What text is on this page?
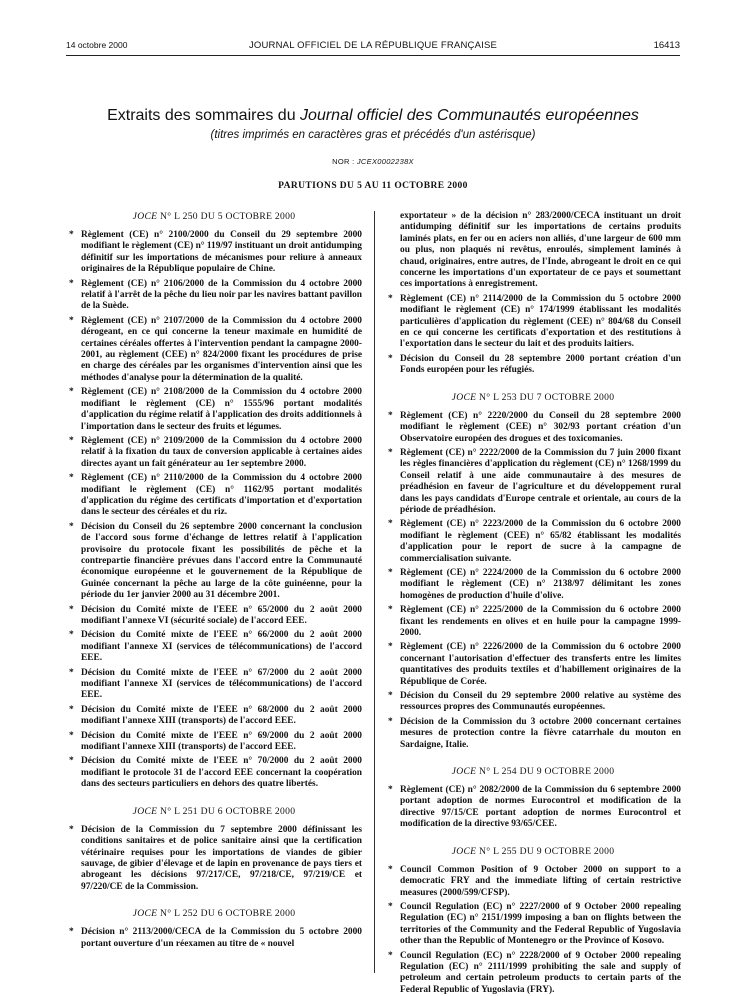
14 octobre 2000	JOURNAL OFFICIEL DE LA RÉPUBLIQUE FRANÇAISE	16413
Extraits des sommaires du Journal officiel des Communautés européennes
(titres imprimés en caractères gras et précédés d'un astérisque)
NOR : JCEX0002238X
PARUTIONS DU 5 AU 11 OCTOBRE 2000
JOCE N° L 250 DU 5 OCTOBRE 2000
* Règlement (CE) n° 2100/2000 du Conseil du 29 septembre 2000 modifiant le règlement (CE) n° 119/97 instituant un droit antidumping définitif sur les importations de mécanismes pour reliure à anneaux originaires de la République populaire de Chine.
* Règlement (CE) n° 2106/2000 de la Commission du 4 octobre 2000 relatif à l'arrêt de la pêche du lieu noir par les navires battant pavillon de la Suède.
* Règlement (CE) n° 2107/2000 de la Commission du 4 octobre 2000 dérogeant, en ce qui concerne la teneur maximale en humidité de certaines céréales offertes à l'intervention pendant la campagne 2000-2001, au règlement (CEE) n° 824/2000 fixant les procédures de prise en charge des céréales par les organismes d'intervention ainsi que les méthodes d'analyse pour la détermination de la qualité.
* Règlement (CE) n° 2108/2000 de la Commission du 4 octobre 2000 modifiant le règlement (CE) n° 1555/96 portant modalités d'application du régime relatif à l'application des droits additionnels à l'importation dans le secteur des fruits et légumes.
* Règlement (CE) n° 2109/2000 de la Commission du 4 octobre 2000 relatif à la fixation du taux de conversion applicable à certaines aides directes ayant un fait générateur au 1er septembre 2000.
* Règlement (CE) n° 2110/2000 de la Commission du 4 octobre 2000 modifiant le règlement (CE) n° 1162/95 portant modalités d'application du régime des certificats d'importation et d'exportation dans le secteur des céréales et du riz.
* Décision du Conseil du 26 septembre 2000 concernant la conclusion de l'accord sous forme d'échange de lettres relatif à l'application provisoire du protocole fixant les possibilités de pêche et la contrepartie financière prévues dans l'accord entre la Communauté économique européenne et le gouvernement de la République de Guinée concernant la pêche au large de la côte guinéenne, pour la période du 1er janvier 2000 au 31 décembre 2001.
* Décision du Comité mixte de l'EEE n° 65/2000 du 2 août 2000 modifiant l'annexe VI (sécurité sociale) de l'accord EEE.
* Décision du Comité mixte de l'EEE n° 66/2000 du 2 août 2000 modifiant l'annexe XI (services de télécommunications) de l'accord EEE.
* Décision du Comité mixte de l'EEE n° 67/2000 du 2 août 2000 modifiant l'annexe XI (services de télécommunications) de l'accord EEE.
* Décision du Comité mixte de l'EEE n° 68/2000 du 2 août 2000 modifiant l'annexe XIII (transports) de l'accord EEE.
* Décision du Comité mixte de l'EEE n° 69/2000 du 2 août 2000 modifiant l'annexe XIII (transports) de l'accord EEE.
* Décision du Comité mixte de l'EEE n° 70/2000 du 2 août 2000 modifiant le protocole 31 de l'accord EEE concernant la coopération dans des secteurs particuliers en dehors des quatre libertés.
JOCE N° L 251 DU 6 OCTOBRE 2000
* Décision de la Commission du 7 septembre 2000 définissant les conditions sanitaires et de police sanitaire ainsi que la certification vétérinaire requises pour les importations de viandes de gibier sauvage, de gibier d'élevage et de lapin en provenance de pays tiers et abrogeant les décisions 97/217/CE, 97/218/CE, 97/219/CE et 97/220/CE de la Commission.
JOCE N° L 252 DU 6 OCTOBRE 2000
* Décision n° 2113/2000/CECA de la Commission du 5 octobre 2000 portant ouverture d'un réexamen au titre de « nouvel
exportateur » de la décision n° 283/2000/CECA instituant un droit antidumping définitif sur les importations de certains produits laminés plats, en fer ou en aciers non alliés, d'une largeur de 600 mm ou plus, non plaqués ni revêtus, enroulés, simplement laminés à chaud, originaires, entre autres, de l'Inde, abrogeant le droit en ce qui concerne les importations d'un exportateur de ce pays et soumettant ces importations à enregistrement.
* Règlement (CE) n° 2114/2000 de la Commission du 5 octobre 2000 modifiant le règlement (CE) n° 174/1999 établissant les modalités particulières d'application du règlement (CEE) n° 804/68 du Conseil en ce qui concerne les certificats d'exportation et des restitutions à l'exportation dans le secteur du lait et des produits laitiers.
* Décision du Conseil du 28 septembre 2000 portant création d'un Fonds européen pour les réfugiés.
JOCE N° L 253 DU 7 OCTOBRE 2000
* Règlement (CE) n° 2220/2000 du Conseil du 28 septembre 2000 modifiant le règlement (CEE) n° 302/93 portant création d'un Observatoire européen des drogues et des toxicomanies.
* Règlement (CE) n° 2222/2000 de la Commission du 7 juin 2000 fixant les règles financières d'application du règlement (CE) n° 1268/1999 du Conseil relatif à une aide communautaire à des mesures de préadhésion en faveur de l'agriculture et du développement rural dans les pays candidats d'Europe centrale et orientale, au cours de la période de préadhésion.
* Règlement (CE) n° 2223/2000 de la Commission du 6 octobre 2000 modifiant le règlement (CEE) n° 65/82 établissant les modalités d'application pour le report de sucre à la campagne de commercialisation suivante.
* Règlement (CE) n° 2224/2000 de la Commission du 6 octobre 2000 modifiant le règlement (CE) n° 2138/97 délimitant les zones homogènes de production d'huile d'olive.
* Règlement (CE) n° 2225/2000 de la Commission du 6 octobre 2000 fixant les rendements en olives et en huile pour la campagne 1999-2000.
* Règlement (CE) n° 2226/2000 de la Commission du 6 octobre 2000 concernant l'autorisation d'effectuer des transferts entre les limites quantitatives des produits textiles et d'habillement originaires de la République de Corée.
* Décision du Conseil du 29 septembre 2000 relative au système des ressources propres des Communautés européennes.
* Décision de la Commission du 3 octobre 2000 concernant certaines mesures de protection contre la fièvre catarrhale du mouton en Sardaigne, Italie.
JOCE N° L 254 DU 9 OCTOBRE 2000
* Règlement (CE) n° 2082/2000 de la Commission du 6 septembre 2000 portant adoption de normes Eurocontrol et modification de la directive 97/15/CE portant adoption de normes Eurocontrol et modification de la directive 93/65/CEE.
JOCE N° L 255 DU 9 OCTOBRE 2000
* Council Common Position of 9 October 2000 on support to a democratic FRY and the immediate lifting of certain restrictive measures (2000/599/CFSP).
* Council Regulation (EC) n° 2227/2000 of 9 October 2000 repealing Regulation (EC) n° 2151/1999 imposing a ban on flights between the territories of the Community and the Federal Republic of Yugoslavia other than the Republic of Montenegro or the Province of Kosovo.
* Council Regulation (EC) n° 2228/2000 of 9 October 2000 repealing Regulation (EC) n° 2111/1999 prohibiting the sale and supply of petroleum and certain petroleum products to certain parts of the Federal Republic of Yugoslavia (FRY).
